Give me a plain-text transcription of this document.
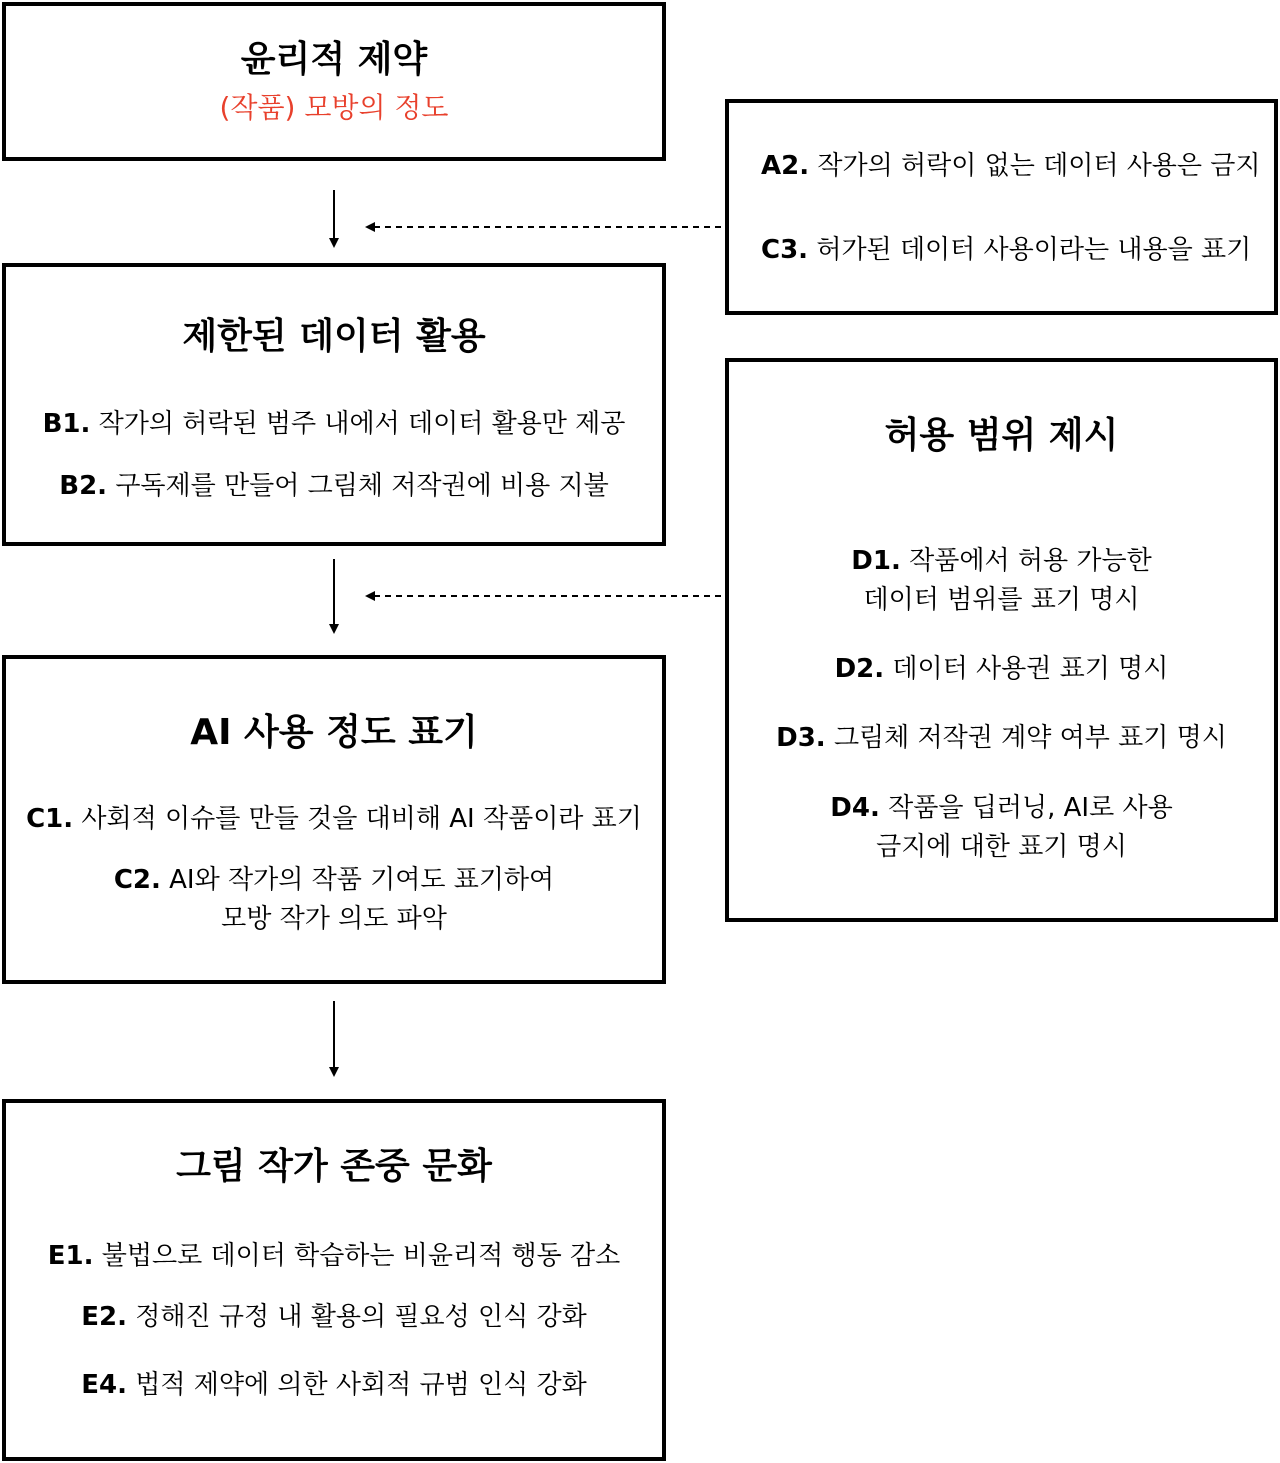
윤리적 제약
(작품) 모방의 정도
제한된 데이터 활용
B1. 작가의 허락된 범주 내에서 데이터 활용만 제공
B2. 구독제를 만들어 그림체 저작권에 비용 지불
AI 사용 정도 표기
C1. 사회적 이슈를 만들 것을 대비해 AI 작품이라 표기
C2. AI와 작가의 작품 기여도 표기하여
모방 작가 의도 파악
그림 작가 존중 문화
E1. 불법으로 데이터 학습하는 비윤리적 행동 감소
E2. 정해진 규정 내 활용의 필요성 인식 강화
E4. 법적 제약에 의한 사회적 규범 인식 강화
A2. 작가의 허락이 없는 데이터 사용은 금지
C3. 허가된 데이터 사용이라는 내용을 표기
허용 범위 제시
D1. 작품에서 허용 가능한
데이터 범위를 표기 명시
D2. 데이터 사용권 표기 명시
D3. 그림체 저작권 계약 여부 표기 명시
D4. 작품을 딥러닝, AI로 사용
금지에 대한 표기 명시
